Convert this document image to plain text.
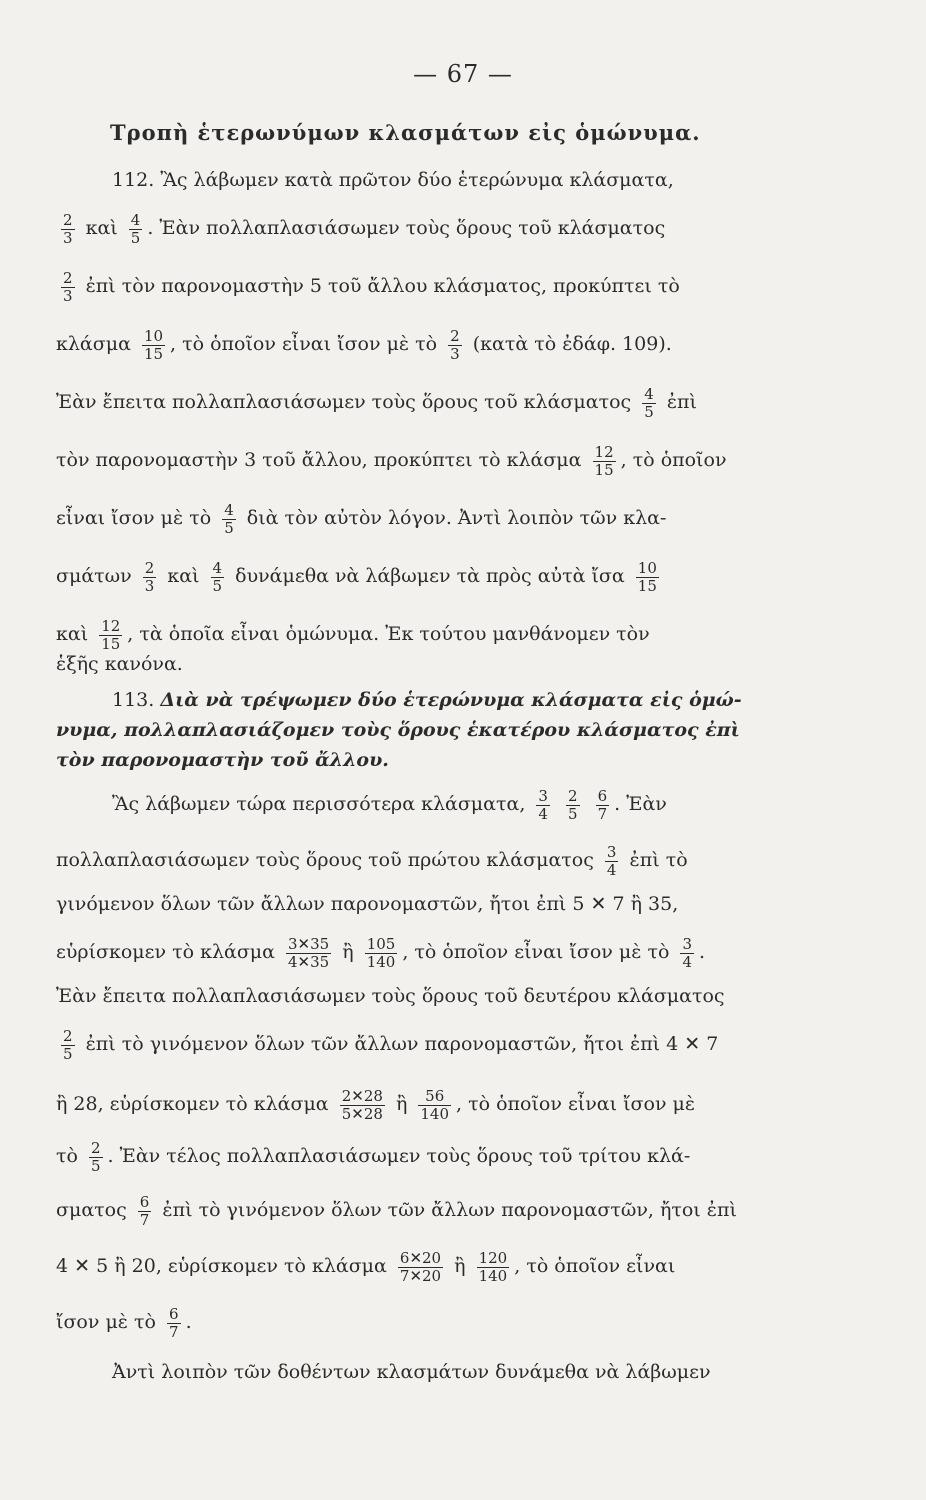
— 67 —
Τροπὴ ἑτερωνύμων κλασμάτων εἰς ὁμώνυμα.
112. Ἂς λάβωμεν κατὰ πρῶτον δύο ἑτερώνυμα κλάσματα,
$\frac{2}{3}$ καὶ $\frac{4}{5}$ . Ἐὰν πολλαπλασιάσωμεν τοὺς ὅρους τοῦ κλάσματος
$\frac{2}{3}$ ἐπὶ τὸν παρονομαστὴν 5 τοῦ ἄλλου κλάσματος, προκύπτει τὸ
κλάσμα $\frac{10}{15}$ , τὸ ὁποῖον εἶναι ἴσον μὲ τὸ $\frac{2}{3}$ (κατὰ τὸ ἐδάφ. 109).
Ἐὰν ἔπειτα πολλαπλασιάσωμεν τοὺς ὅρους τοῦ κλάσματος $\frac{4}{5}$ ἐπὶ
τὸν παρονομαστὴν 3 τοῦ ἄλλου, προκύπτει τὸ κλάσμα $\frac{12}{15}$ , τὸ ὁποῖον
εἶναι ἴσον μὲ τὸ $\frac{4}{5}$ διὰ τὸν αὐτὸν λόγον. Ἀντὶ λοιπὸν τῶν κλα-
σμάτων $\frac{2}{3}$ καὶ $\frac{4}{5}$ δυνάμεθα νὰ λάβωμεν τὰ πρὸς αὐτὰ ἴσα $\frac{10}{15}$
καὶ $\frac{12}{15}$ , τὰ ὁποῖα εἶναι ὁμώνυμα. Ἐκ τούτου μανθάνομεν τὸν
ἑξῆς κανόνα.
113. Διὰ νὰ τρέψωμεν δύο ἑτερώνυμα κλάσματα εἰς ὁμώ-
νυμα, πολλαπλασιάζομεν τοὺς ὅρους ἑκατέρου κλάσματος ἐπὶ
τὸν παρονομαστὴν τοῦ ἄλλου.
Ἂς λάβωμεν τώρα περισσότερα κλάσματα, $\frac{3}{4}$
$\frac{2}{5}$
$\frac{6}{7}$ . Ἐὰν
πολλαπλασιάσωμεν τοὺς ὅρους τοῦ πρώτου κλάσματος $\frac{3}{4}$ ἐπὶ τὸ
γινόμενον ὅλων τῶν ἄλλων παρονομαστῶν, ἤτοι ἐπὶ 5 ✕ 7 ἢ 35,
εὑρίσκομεν τὸ κλάσμα $\frac{3✕35}{4✕35}$ ἢ $\frac{105}{140}$ , τὸ ὁποῖον εἶναι ἴσον μὲ τὸ $\frac{3}{4}$ .
Ἐὰν ἔπειτα πολλαπλασιάσωμεν τοὺς ὅρους τοῦ δευτέρου κλάσματος
$\frac{2}{5}$ ἐπὶ τὸ γινόμενον ὅλων τῶν ἄλλων παρονομαστῶν, ἤτοι ἐπὶ 4 ✕ 7
ἢ 28, εὑρίσκομεν τὸ κλάσμα $\frac{2✕28}{5✕28}$ ἢ $\frac{56}{140}$ , τὸ ὁποῖον εἶναι ἴσον μὲ
τὸ $\frac{2}{5}$ . Ἐὰν τέλος πολλαπλασιάσωμεν τοὺς ὅρους τοῦ τρίτου κλά-
σματος $\frac{6}{7}$ ἐπὶ τὸ γινόμενον ὅλων τῶν ἄλλων παρονομαστῶν, ἤτοι ἐπὶ
4 ✕ 5 ἢ 20, εὑρίσκομεν τὸ κλάσμα $\frac{6✕20}{7✕20}$ ἢ $\frac{120}{140}$ , τὸ ὁποῖον εἶναι
ἴσον μὲ τὸ $\frac{6}{7}$ .
Ἀντὶ λοιπὸν τῶν δοθέντων κλασμάτων δυνάμεθα νὰ λάβωμεν
